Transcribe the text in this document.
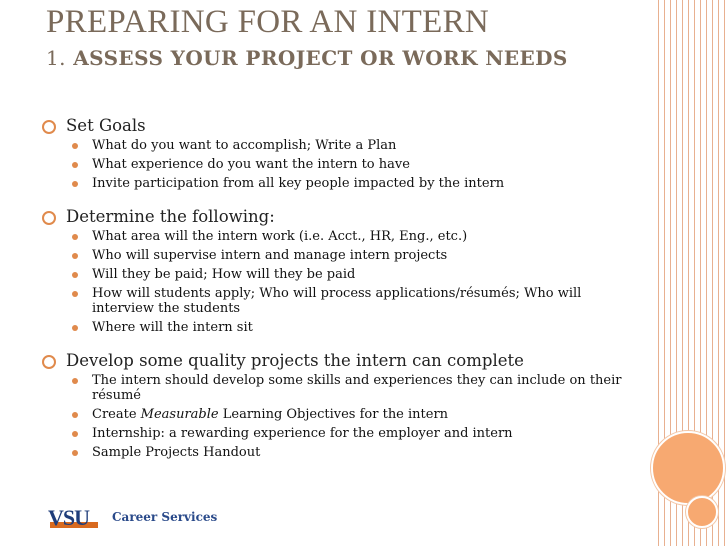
PREPARING FOR AN INTERN
1. ASSESS YOUR PROJECT OR WORK NEEDS
Set Goals
What do you want to accomplish; Write a Plan
What experience do you want the intern to have
Invite participation from all key people impacted by the intern
Determine the following:
What area will the intern work (i.e. Acct., HR, Eng., etc.)
Who will supervise intern and manage intern projects
Will they be paid; How will they be paid
How will students apply; Who will process applications/résumés; Who will interview the students
Where will the intern sit
Develop some quality projects the intern can complete
The intern should develop some skills and experiences they can include on their résumé
Create Measurable Learning Objectives for the intern
Internship: a rewarding experience for the employer and intern
Sample Projects Handout
VSU Career Services
